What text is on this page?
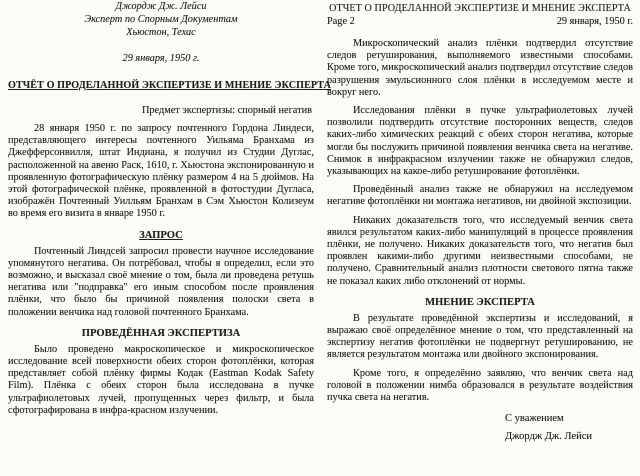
Джордж Дж. Лейси
Эксперт по Спорным Документам
Хьюстон, Техас
29 января, 1950 г.
ОТЧЁТ О ПРОДЕЛАННОЙ ЭКСПЕРТИЗЕ И МНЕНИЕ ЭКСПЕРТА
Предмет экспертизы: спорный негатив

28 января 1950 г. по запросу почтенного Гордона Линдеси, представляющего интересы почтенного Уильяма Бранхама из Джефферсонвилля, штат Индиана, я получил из Студии Дуглас, расположенной на авеню Раск, 1610, г. Хьюстона экспонированную и проявленную фотографическую плёнку размером 4 на 5 дюймов. На этой фотографической плёнке, проявленной в фотостудии Дугласа, изображён Почтенный Уилльям Бранхам в Сэм Хьюстон Колизеум во время его визита в январе 1950 г.

ЗАПРОС

Почтенный Линдсей запросил провести научное исследование упомянутого негатива. Он потрёбовал, чтобы я определил, если это возможно, и высказал своё мнение о том, была ли проведена ретушь негатива или "подправка" его иным способом после проявления плёнки, что было бы причиной появления полоски света в положении венчика над головой почтенного Бранхама.

ПРОВЕДЁННАЯ ЭКСПЕРТИЗА

Было проведено макроскопическое и микроскопическое исследование всей поверхности обеих сторон фотоплёнки, которая представляет собой плёнку фирмы Кодак (Eastman Kodak Safety Film). Плёнка с обеих сторон была исследована в пучке ультрафиолетовых лучей, пропущенных через фильтр, и была сфотографирована в инфра-красном излучении.

ОТЧЕТ О ПРОДЕЛАННОЙ ЭКСПЕРТИЗЕ И МНЕНИЕ ЭКСПЕРТА
Page 2	29 января, 1950 г.

Микроскопический анализ плёнки подтвердил отсутствие следов ретуширования, выполняемого известными способами. Кроме того, микроскопический анализ подтвердил отсутствие следов разрушения эмульсионного слоя плёнки в исследуемом месте и вокруг него.

Исследования плёнки в пучке ультрафиолетовых лучей позволили подтвердить отсутствие посторонних веществ, следов каких-либо химических реакций с обеих сторон негатива, которые могли бы послужить причиной появления венчика света на негативе. Снимок в инфракрасном излучении также не обнаружил следов, указывающих на какое-либо ретуширование фотоплёнки.

Проведённый анализ также не обнаружил на исследуемом негативе фотоплёнки ни монтажа негативов, ни двойной экспозиции.

Никаких доказательств того, что исследуемый венчик света явился результатом каких-либо манипуляций в процессе проявления плёнки, не получено. Никаких доказательств того, что негатив был проявлен какими-либо другими неизвестными способами, не получено. Сравнительный анализ плотности светового пятна также не показал каких либо отклонений от нормы.

МНЕНИЕ ЭКСПЕРТА

В результате проведённой экспертизы и исследований, я выражаю своё определённое мнение о том, что представленный на экспертизу негатив фотоплёнки не подвергнут ретушированию, не является результатом монтажа или двойного экспонирования.

Кроме того, я определённо заявляю, что венчик света над головой в положении нимба образовался в результате воздействия пучка света на негатив.

С уважением
Джордж Дж. Лейси
